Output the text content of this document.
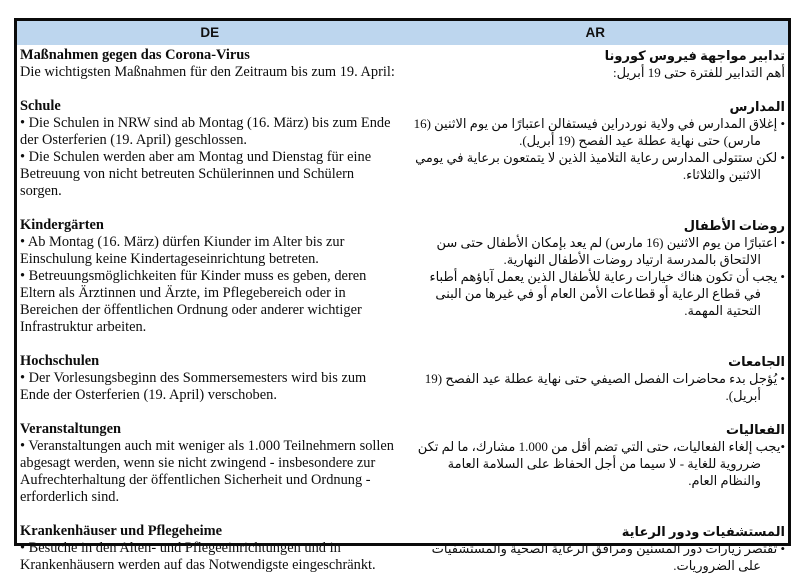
DE	AR

Maßnahmen gegen das Corona-Virus

Die wichtigsten Maßnahmen für den Zeitraum bis zum 19. April:

تدابير مواجهة فيروس كورونا

أهم التدابير للفترة حتى 19 أبريل:

Schule

• Die Schulen in NRW sind ab Montag (16. März) bis zum Ende der Osterferien (19. April) geschlossen.

• Die Schulen werden aber am Montag und Dienstag für eine Betreuung von nicht betreuten Schülerinnen und Schülern sorgen.

المدارس

• إغلاق المدارس في ولاية نوردراين فيستفالن اعتبارًا من يوم الاثنين (16 مارس) حتى نهاية عطلة عيد الفصح (19 أبريل).

• لكن ستتولى المدارس رعاية التلاميذ الذين لا يتمتعون برعاية في يومي الاثنين والثلاثاء.

Kindergärten

• Ab Montag (16. März) dürfen Kiunder im Alter bis zur Einschulung keine Kindertageseinrichtung betreten.

• Betreuungsmöglichkeiten für Kinder muss es geben, deren Eltern als Ärztinnen und Ärzte, im Pflegebereich oder in Bereichen der öffentlichen Ordnung oder anderer wichtiger Infrastruktur arbeiten.

روضات الأطفال

• اعتبارًا من يوم الاثنين (16 مارس) لم يعد بإمكان الأطفال حتى سن الالتحاق بالمدرسة ارتياد روضات الأطفال النهارية.

• يجب أن تكون هناك خيارات رعاية للأطفال الذين يعمل آباؤهم أطباء في قطاع الرعاية أو قطاعات الأمن العام أو في غيرها من البنى التحتية المهمة.

Hochschulen

• Der Vorlesungsbeginn des Sommersemesters wird bis zum Ende der Osterferien (19. April) verschoben.

الجامعات

• يُؤجل بدء محاضرات الفصل الصيفي حتى نهاية عطلة عيد الفصح (19 أبريل).

Veranstaltungen

• Veranstaltungen auch mit weniger als 1.000 Teilnehmern sollen abgesagt werden, wenn sie nicht zwingend - insbesondere zur Aufrechterhaltung der öffentlichen Sicherheit und Ordnung - erforderlich sind.

الفعاليات

•يجب إلغاء الفعاليات، حتى التي تضم أقل من 1.000 مشارك، ما لم تكن ضرروية للغاية - لا سيما من أجل الحفاظ على السلامة العامة والنظام العام.

Krankenhäuser und Pflegeheime

• Besuche in den Alten- und Pflegeeinrichtungen und in Krankenhäusern werden auf das Notwendigste eingeschränkt.

المستشفيات ودور الرعاية

• تقتصر زيارات دور المسنين ومرافق الرعاية الصحية والمستشفيات على الضروريات.
